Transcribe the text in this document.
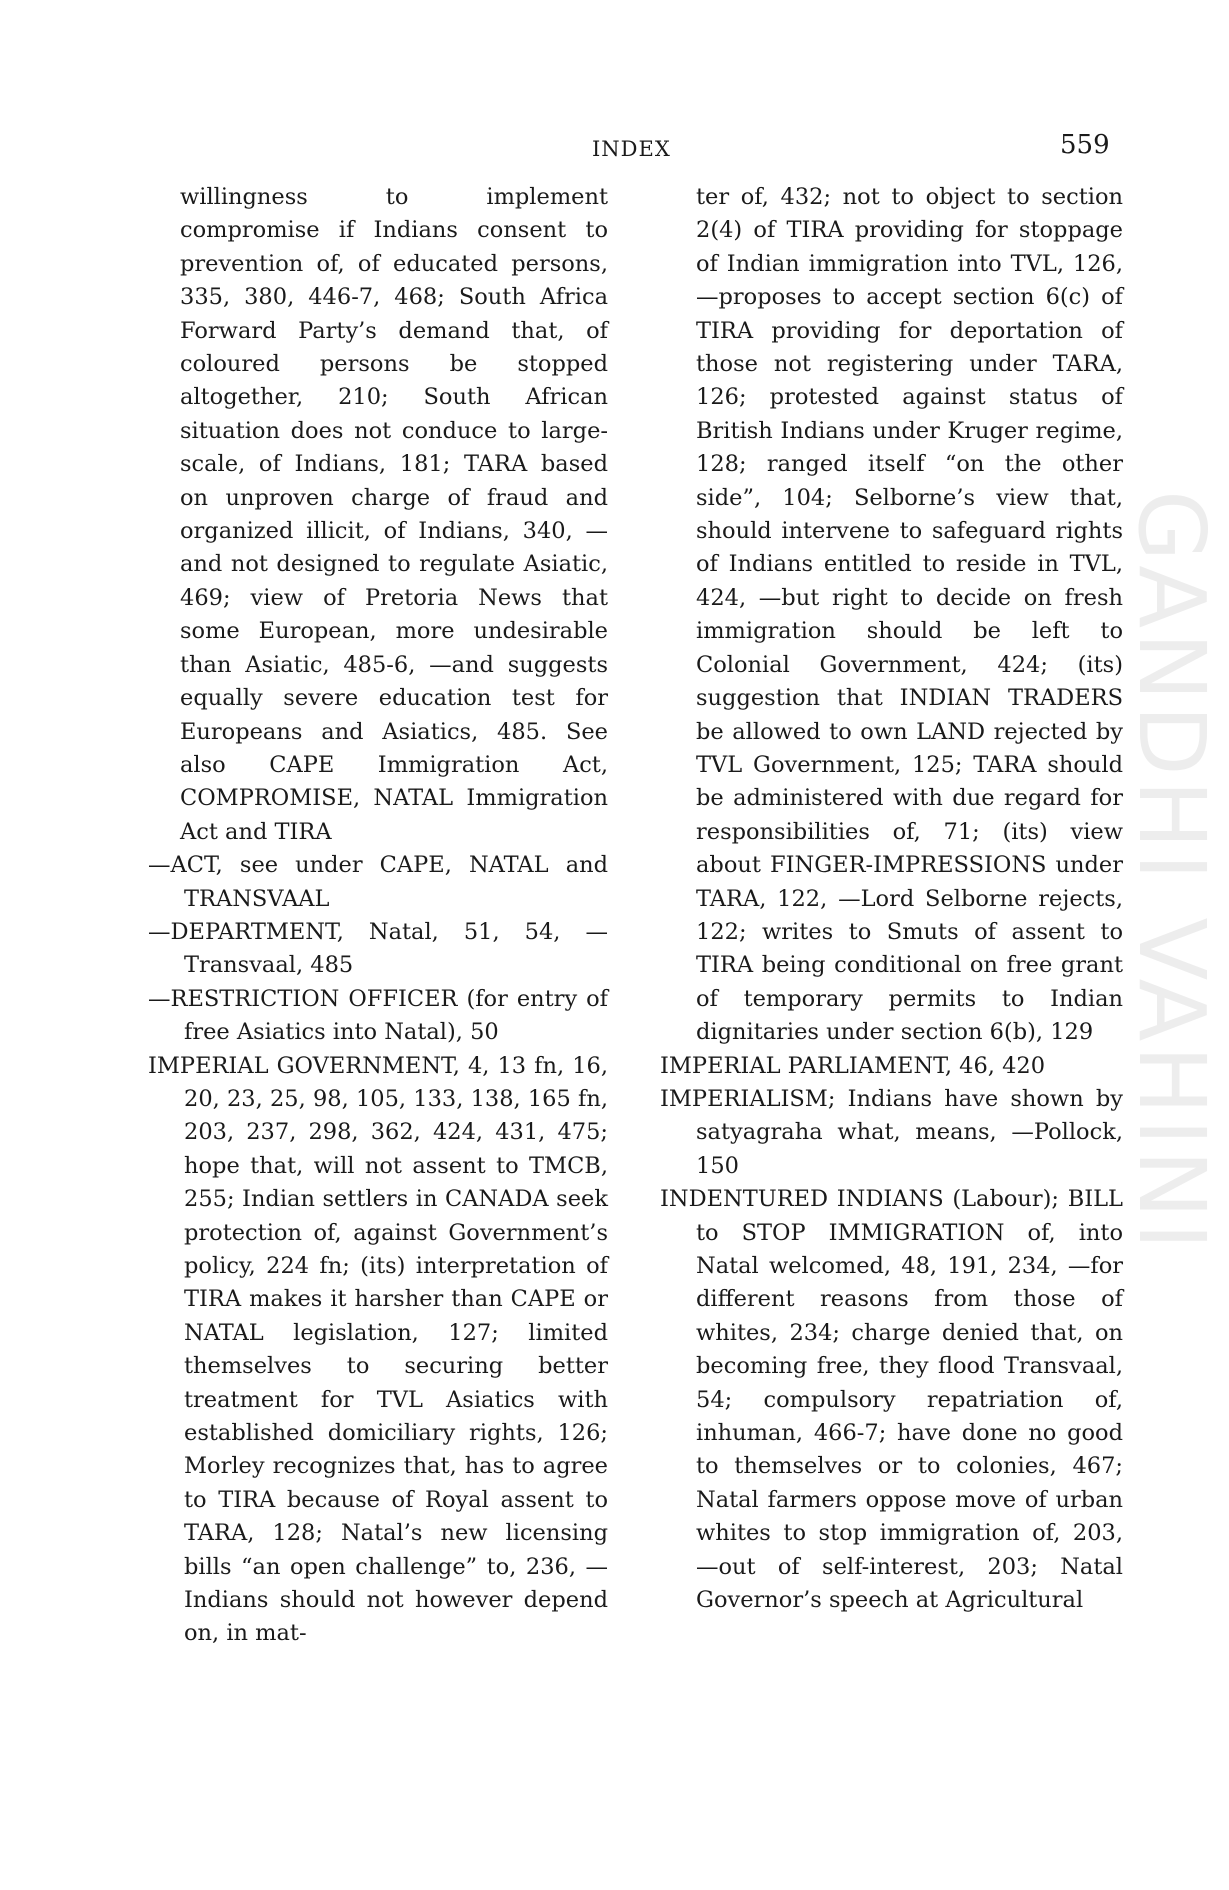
INDEX	559
GANDHI VAHINI

willingness to implement compromise if Indians consent to prevention of, of educated persons, 335, 380, 446-7, 468; South Africa Forward Party’s demand that, of coloured persons be stopped altogether, 210; South African situation does not conduce to large-scale, of Indians, 181; TARA based on unproven charge of fraud and organized illicit, of Indians, 340, —and not designed to regulate Asiatic, 469; view of Pretoria News that some European, more undesirable than Asiatic, 485-6, —and suggests equally severe education test for Europeans and Asiatics, 485. See also CAPE Immigration Act, COMPROMISE, NATAL Immigration Act and TIRA

—ACT, see under CAPE, NATAL and TRANSVAAL

—DEPARTMENT, Natal, 51, 54, —Transvaal, 485

—RESTRICTION OFFICER (for entry of free Asiatics into Natal), 50

IMPERIAL GOVERNMENT, 4, 13 fn, 16, 20, 23, 25, 98, 105, 133, 138, 165 fn, 203, 237, 298, 362, 424, 431, 475; hope that, will not assent to TMCB, 255; Indian settlers in CANADA seek protection of, against Government’s policy, 224 fn; (its) interpretation of TIRA makes it harsher than CAPE or NATAL legislation, 127; limited themselves to securing better treatment for TVL Asiatics with established domiciliary rights, 126; Morley recognizes that, has to agree to TIRA because of Royal assent to TARA, 128; Natal’s new licensing bills “an open challenge” to, 236, —Indians should not however depend on, in mat-

ter of, 432; not to object to section 2(4) of TIRA providing for stoppage of Indian immigration into TVL, 126, —proposes to accept section 6(c) of TIRA providing for deportation of those not registering under TARA, 126; protested against status of British Indians under Kruger regime, 128; ranged itself “on the other side”, 104; Selborne’s view that, should intervene to safeguard rights of Indians entitled to reside in TVL, 424, —but right to decide on fresh immigration should be left to Colonial Government, 424; (its) suggestion that INDIAN TRADERS be allowed to own LAND rejected by TVL Government, 125; TARA should be administered with due regard for responsibilities of, 71; (its) view about FINGER-IMPRESSIONS under TARA, 122, —Lord Selborne rejects, 122; writes to Smuts of assent to TIRA being conditional on free grant of temporary permits to Indian dignitaries under section 6(b), 129

IMPERIAL PARLIAMENT, 46, 420

IMPERIALISM; Indians have shown by satyagraha what, means, —Pollock, 150

INDENTURED INDIANS (Labour); BILL to STOP IMMIGRATION of, into Natal welcomed, 48, 191, 234, —for different reasons from those of whites, 234; charge denied that, on becoming free, they flood Transvaal, 54; compulsory repatriation of, inhuman, 466-7; have done no good to themselves or to colonies, 467; Natal farmers oppose move of urban whites to stop immigration of, 203, —out of self-interest, 203; Natal Governor’s speech at Agricultural
